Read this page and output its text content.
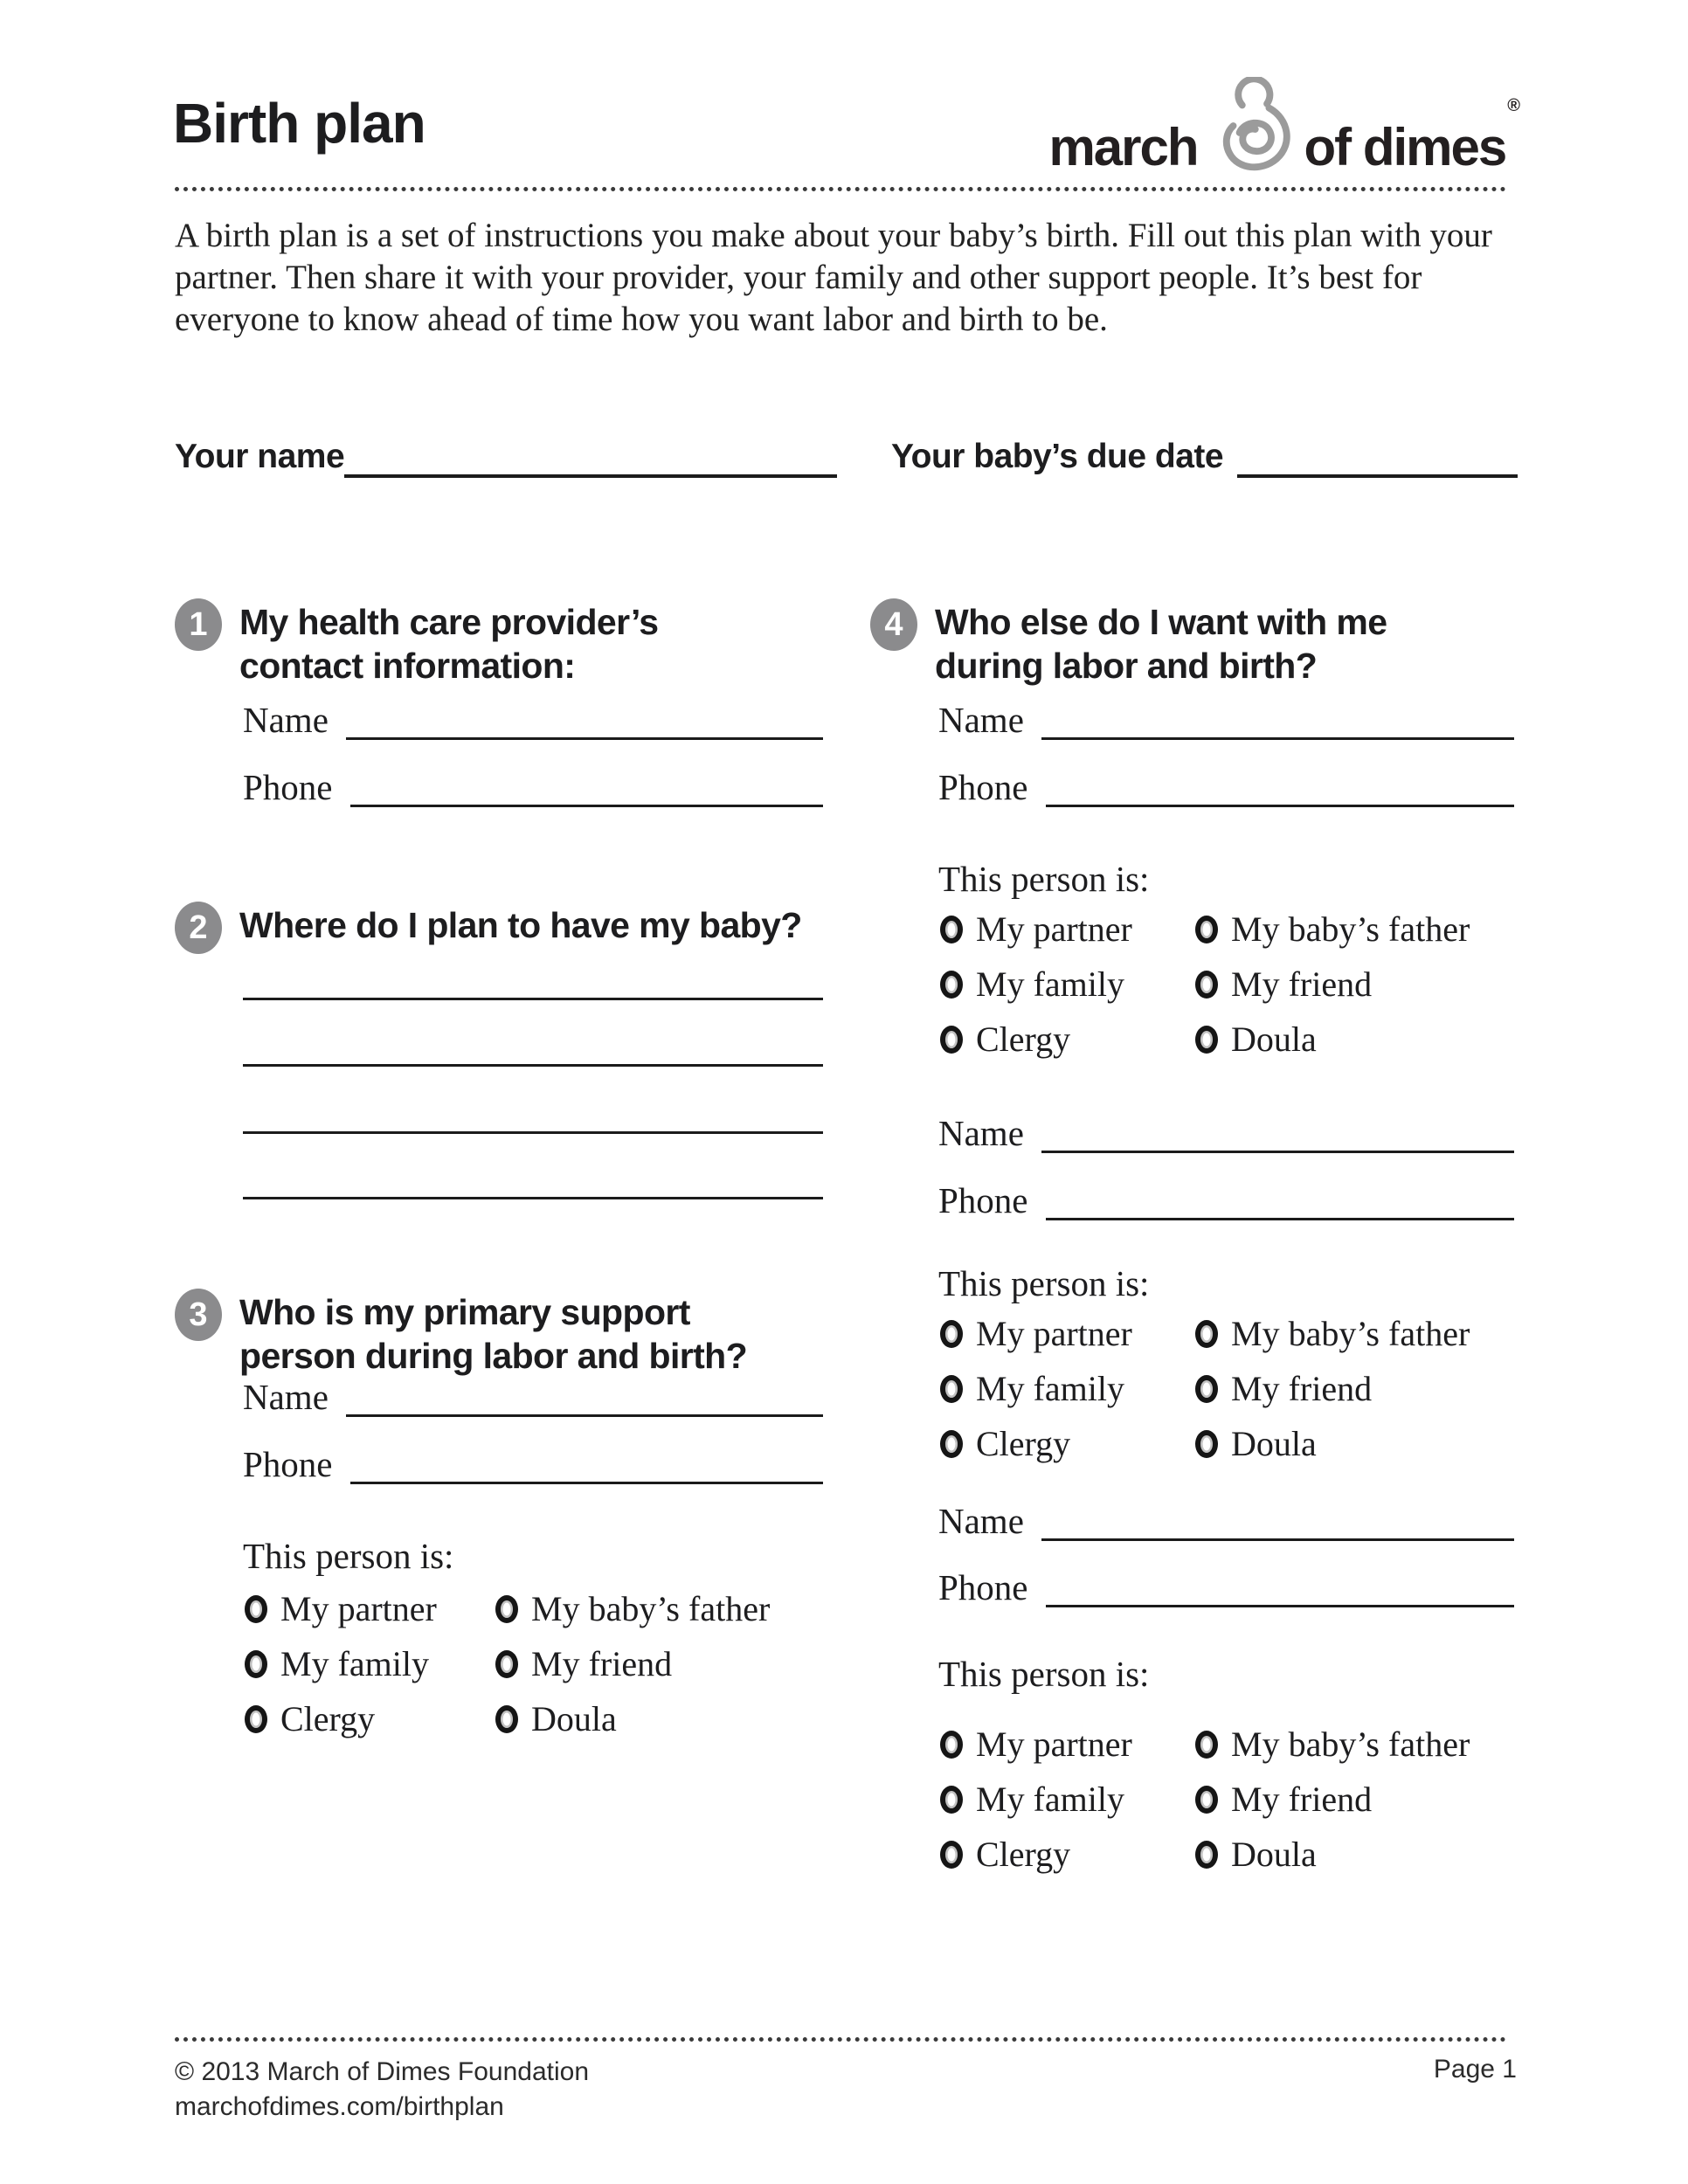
Birth plan	march of dimes®

A birth plan is a set of instructions you make about your baby’s birth. Fill out this plan with your partner. Then share it with your provider, your family and other support people. It’s best for everyone to know ahead of time how you want labor and birth to be.

Your name	Your baby’s due date
1 My health care provider’s contact information:
Name
Phone
2 Where do I plan to have my baby?
3 Who is my primary support person during labor and birth?
Name
Phone
This person is:
My partner	My baby’s father
My family	My friend
Clergy	Doula
4 Who else do I want with me during labor and birth?
Name
Phone
This person is:
My partner	My baby’s father
My family	My friend
Clergy	Doula
Name
Phone
This person is:
My partner	My baby’s father
My family	My friend
Clergy	Doula
Name
Phone
This person is:
My partner	My baby’s father
My family	My friend
Clergy	Doula
© 2013 March of Dimes Foundation
marchofdimes.com/birthplan
Page 1
